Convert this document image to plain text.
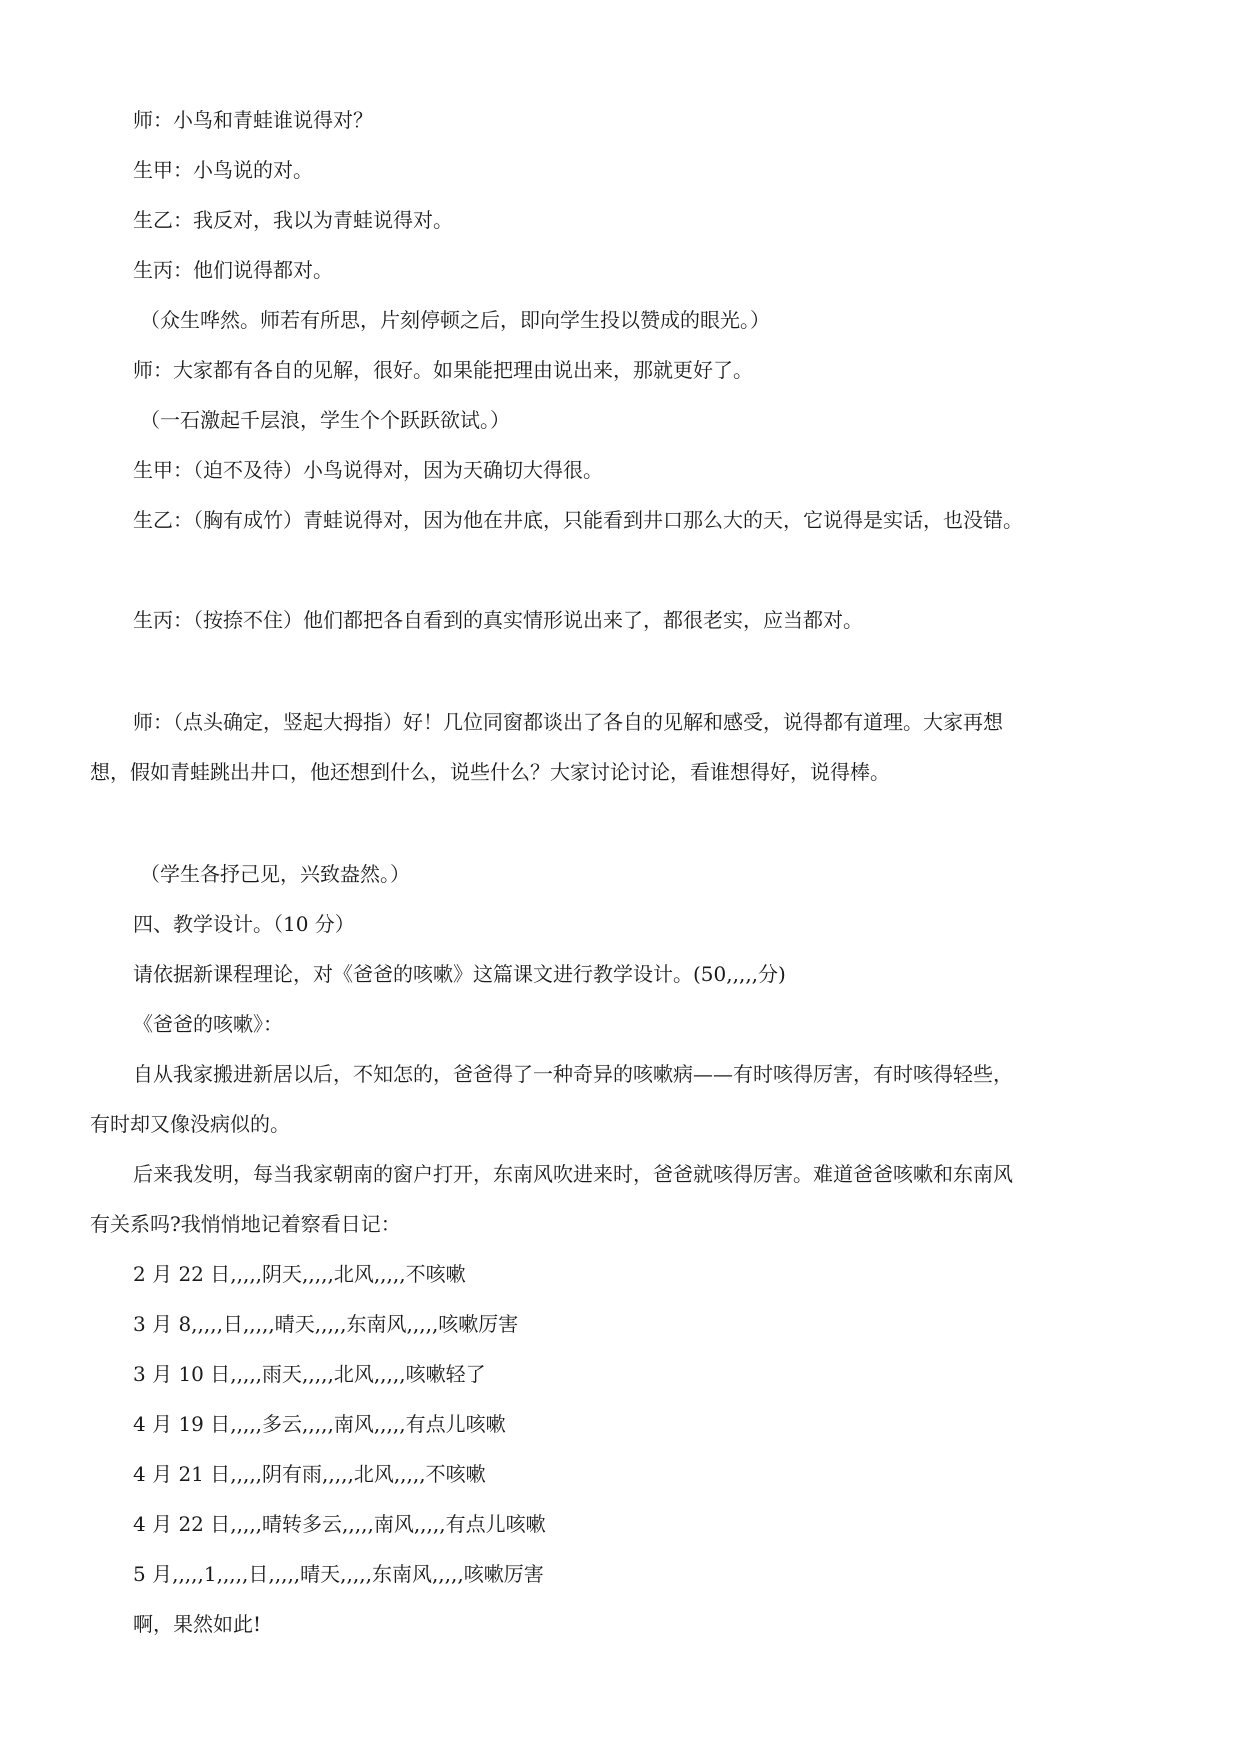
师：小鸟和青蛙谁说得对？
生甲：小鸟说的对。
生乙：我反对，我以为青蛙说得对。
生丙：他们说得都对。
（众生哗然。师若有所思，片刻停顿之后，即向学生投以赞成的眼光。）
师：大家都有各自的见解，很好。如果能把理由说出来，那就更好了。
（一石激起千层浪，学生个个跃跃欲试。）
生甲：（迫不及待）小鸟说得对，因为天确切大得很。
生乙：（胸有成竹）青蛙说得对，因为他在井底，只能看到井口那么大的天，它说得是实话，也没错。
生丙：（按捺不住）他们都把各自看到的真实情形说出来了，都很老实，应当都对。
师：（点头确定，竖起大拇指）好！几位同窗都谈出了各自的见解和感受，说得都有道理。大家再想
想，假如青蛙跳出井口，他还想到什么，说些什么？大家讨论讨论，看谁想得好，说得棒。
（学生各抒己见，兴致盎然。）
四、教学设计。（10 分）
请依据新课程理论，对《爸爸的咳嗽》这篇课文进行教学设计。(50,,,,,分)
《爸爸的咳嗽》：
自从我家搬进新居以后，不知怎的，爸爸得了一种奇异的咳嗽病——有时咳得厉害，有时咳得轻些，
有时却又像没病似的。
后来我发明，每当我家朝南的窗户打开，东南风吹进来时，爸爸就咳得厉害。难道爸爸咳嗽和东南风
有关系吗?我悄悄地记着察看日记：
2 月 22 日,,,,,阴天,,,,,北风,,,,,不咳嗽
3 月 8,,,,,日,,,,,晴天,,,,,东南风,,,,,咳嗽厉害
3 月 10 日,,,,,雨天,,,,,北风,,,,,咳嗽轻了
4 月 19 日,,,,,多云,,,,,南风,,,,,有点儿咳嗽
4 月 21 日,,,,,阴有雨,,,,,北风,,,,,不咳嗽
4 月 22 日,,,,,晴转多云,,,,,南风,,,,,有点儿咳嗽
5 月,,,,,1,,,,,日,,,,,晴天,,,,,东南风,,,,,咳嗽厉害
啊，果然如此!
